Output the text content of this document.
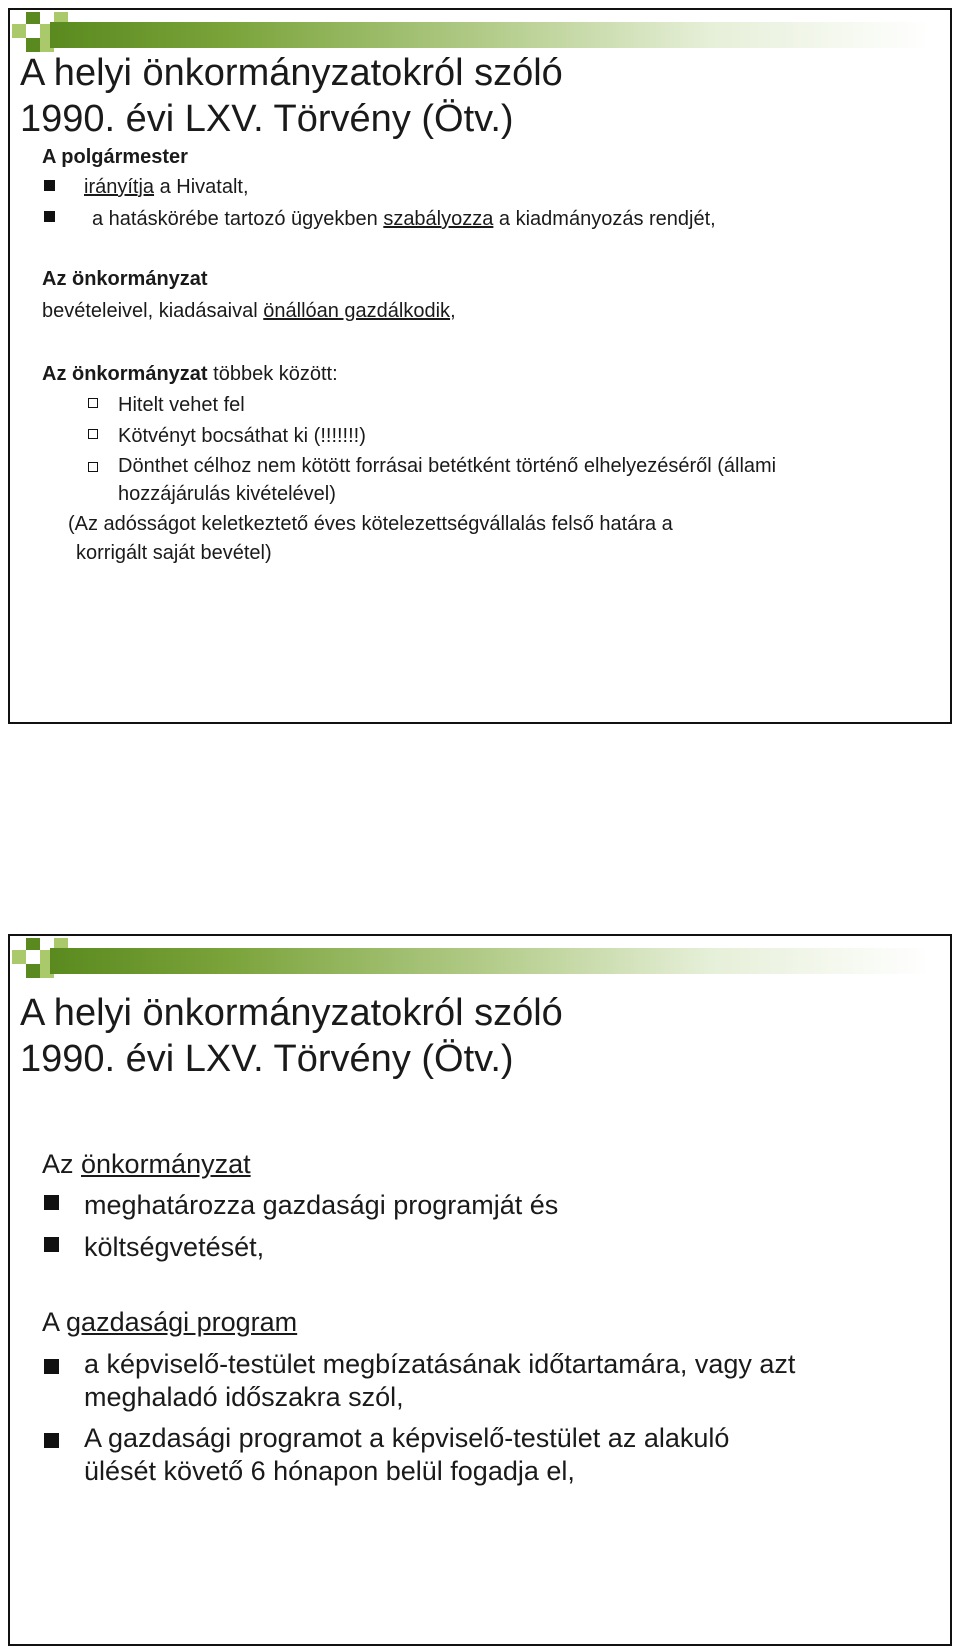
A helyi önkormányzatokról szóló
1990. évi LXV. Törvény (Ötv.)

A polgármester

irányítja a Hivatalt,

a hatáskörébe tartozó ügyekben szabályozza a kiadmányozás rendjét,

Az önkormányzat

bevételeivel, kiadásaival önállóan gazdálkodik,

Az önkormányzat többek között:

Hitelt vehet fel

Kötvényt bocsáthat ki (!!!!!!!)

Dönthet célhoz nem kötött forrásai betétként történő elhelyezéséről (állami
hozzájárulás kivételével)

(Az adósságot keletkeztető éves kötelezettségvállalás felső határa a
korrigált saját bevétel)

A helyi önkormányzatokról szóló
1990. évi LXV. Törvény (Ötv.)

Az önkormányzat

meghatározza gazdasági programját és

költségvetését,

A gazdasági program

a képviselő-testület megbízatásának időtartamára, vagy azt
meghaladó időszakra szól,

A gazdasági programot a képviselő-testület az alakuló
ülését követő 6 hónapon belül fogadja el,
